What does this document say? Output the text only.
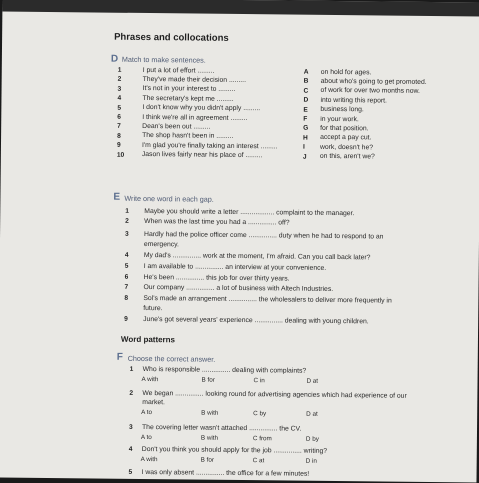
Phrases and collocations
D Match to make sentences.
1	I put a lot of effort .........
2	They've made their decision .........
3	It's not in your interest to .........
4	The secretary's kept me .........
5	I don't know why you didn't apply .........
6	I think we're all in agreement .........
7	Dean's been out .........
8	The shop hasn't been in .........
9	I'm glad you're finally taking an interest .........
10	Jason lives fairly near his place of .........
A on hold for ages.
B about who's going to get promoted.
C of work for over two months now.
D into writing this report.
E business long.
F in your work.
G for that position.
H accept a pay cut.
I work, doesn't he?
J on this, aren't we?
E Write one word in each gap.
1 Maybe you should write a letter .................. complaint to the manager.
2 When was the last time you had a ............... off?
3 Hardly had the police officer come ............... duty when he had to respond to an
emergency.
4 My dad's ............... work at the moment, I'm afraid. Can you call back later?
5 I am available to ............... an interview at your convenience.
6 He's been ............... this job for over thirty years.
7 Our company ............... a lot of business with Altech Industries.
8 Sol's made an arrangement ............... the wholesalers to deliver more frequently in
future.
9 June's got several years' experience ............... dealing with young children.
Word patterns
F Choose the correct answer.
1 Who is responsible ............... dealing with complaints?
A with	B for	C in	D at
2 We began ............... looking round for advertising agencies which had experience of our
market.
A to	B with	C by	D at
3 The covering letter wasn't attached ............... the CV.
A to	B with	C from	D by
4 Don't you think you should apply for the job ............... writing?
A with	B for	C at	D in
5 I was only absent ............... the office for a few minutes!
